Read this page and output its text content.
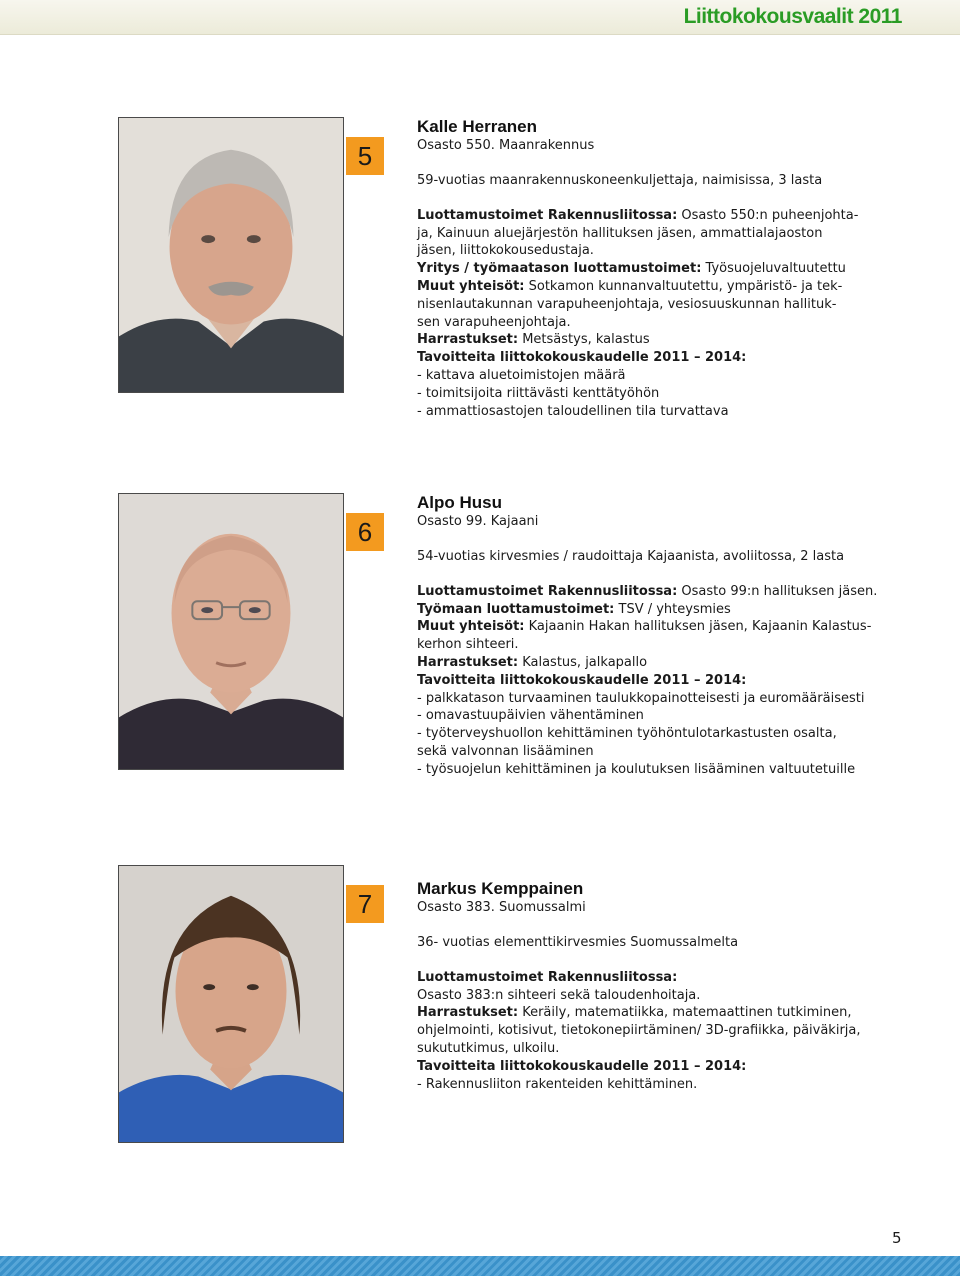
Liittokokousvaalit 2011
5
Kalle Herranen
Osasto 550. Maanrakennus
59-vuotias maanrakennuskoneenkuljettaja, naimisissa, 3 lasta
Luottamustoimet Rakennusliitossa: Osasto 550:n puheenjohta-
ja, Kainuun aluejärjestön hallituksen jäsen, ammattialajaoston
jäsen, liittokokousedustaja.
Yritys / työmaatason luottamustoimet: Työsuojeluvaltuutettu
Muut yhteisöt: Sotkamon kunnanvaltuutettu, ympäristö- ja tek-
nisenlautakunnan varapuheenjohtaja, vesiosuuskunnan hallituk-
sen varapuheenjohtaja.
Harrastukset: Metsästys, kalastus
Tavoitteita liittokokouskaudelle 2011 – 2014:
- kattava aluetoimistojen määrä
- toimitsijoita riittävästi kenttätyöhön
- ammattiosastojen taloudellinen tila turvattava
6
Alpo Husu
Osasto 99. Kajaani
54-vuotias kirvesmies / raudoittaja Kajaanista, avoliitossa, 2 lasta
Luottamustoimet Rakennusliitossa: Osasto 99:n hallituksen jäsen.
Työmaan luottamustoimet: TSV / yhteysmies
Muut yhteisöt: Kajaanin Hakan hallituksen jäsen, Kajaanin Kalastus-
kerhon sihteeri.
Harrastukset: Kalastus, jalkapallo
Tavoitteita liittokokouskaudelle 2011 – 2014:
- palkkatason turvaaminen taulukkopainotteisesti ja euromääräisesti
- omavastuupäivien vähentäminen
- työterveyshuollon kehittäminen työhöntulotarkastusten osalta,
sekä valvonnan lisääminen
- työsuojelun kehittäminen ja koulutuksen lisääminen valtuutetuille
7
Markus Kemppainen
Osasto 383. Suomussalmi
36- vuotias elementtikirvesmies Suomussalmelta
Luottamustoimet Rakennusliitossa:
Osasto 383:n sihteeri sekä taloudenhoitaja.
Harrastukset: Keräily, matematiikka, matemaattinen tutkiminen,
ohjelmointi, kotisivut, tietokonepiirtäminen/ 3D-grafiikka, päiväkirja,
sukututkimus, ulkoilu.
Tavoitteita liittokokouskaudelle 2011 – 2014:
- Rakennusliiton rakenteiden kehittäminen.
5
